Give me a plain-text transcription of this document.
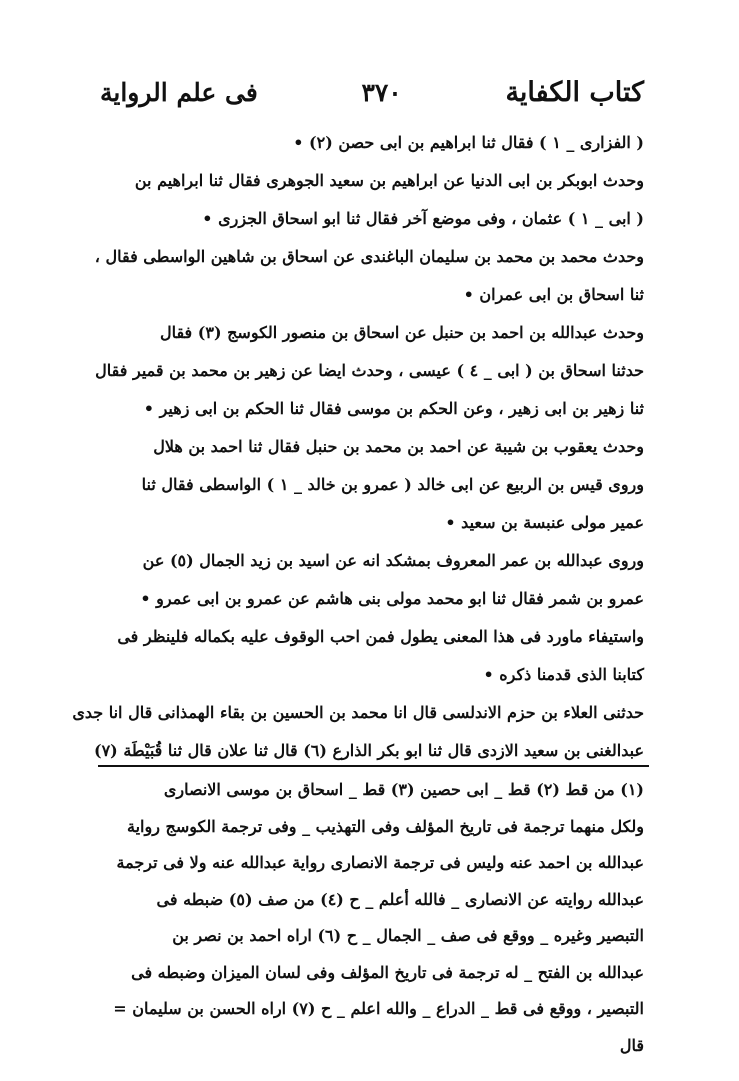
كتاب الكفاية
٣٧٠
فى علم الرواية
( الفزارى _ ١ ) فقال ثنا ابراهيم بن ابى حصن (٢) •
وحدث ابوبكر بن ابى الدنيا عن ابراهيم بن سعيد الجوهرى فقال ثنا ابراهيم بن
( ابى _ ١ ) عثمان ، وفى موضع آخر فقال ثنا ابو اسحاق الجزرى •
وحدث محمد بن محمد بن سليمان الباغندى عن اسحاق بن شاهين الواسطى فقال ،
ثنا اسحاق بن ابى عمران •
وحدث عبدالله بن احمد بن حنبل عن اسحاق بن منصور الكوسج (٣) فقال
حدثنا اسحاق بن ( ابى _ ٤ ) عيسى ، وحدث ايضا عن زهير بن محمد بن قمير فقال
ثنا زهير بن ابى زهير ، وعن الحكم بن موسى فقال ثنا الحكم بن ابى زهير •
وحدث يعقوب بن شيبة عن احمد بن محمد بن حنبل فقال ثنا احمد بن هلال
وروى قيس بن الربيع عن ابى خالد ( عمرو بن خالد _ ١ ) الواسطى فقال ثنا
عمير مولى عنبسة بن سعيد •
وروى عبدالله بن عمر المعروف بمشكد انه عن اسيد بن زيد الجمال (٥) عن
عمرو بن شمر فقال ثنا ابو محمد مولى بنى هاشم عن عمرو بن ابى عمرو •
واستيفاء ماورد فى هذا المعنى يطول فمن احب الوقوف عليه بكماله فلينظر فى
كتابنا الذى قدمنا ذكره •
حدثنى العلاء بن حزم الاندلسى قال انا محمد بن الحسين بن بقاء الهمذانى قال انا جدى
عبدالغنى بن سعيد الازدى قال ثنا ابو بكر الذارع (٦) قال ثنا علان قال ثنا قُبَيْطَة (٧)
(١) من قط (٢) قط _ ابى حصين (٣) قط _ اسحاق بن موسى الانصارى
ولكل منهما ترجمة فى تاريخ المؤلف وفى التهذيب _ وفى ترجمة الكوسج رواية
عبدالله بن احمد عنه وليس فى ترجمة الانصارى رواية عبدالله عنه ولا فى ترجمة
عبدالله روايته عن الانصارى _ فالله أعلم _ ح (٤) من صف (٥) ضبطه فى
التبصير وغيره _ ووقع فى صف _ الجمال _ ح (٦) اراه احمد بن نصر بن
عبدالله بن الفتح _ له ترجمة فى تاريخ المؤلف وفى لسان الميزان وضبطه فى
التبصير ، ووقع فى قط _ الدراع _ والله اعلم _ ح (٧) اراه الحسن بن سليمان =
قال
